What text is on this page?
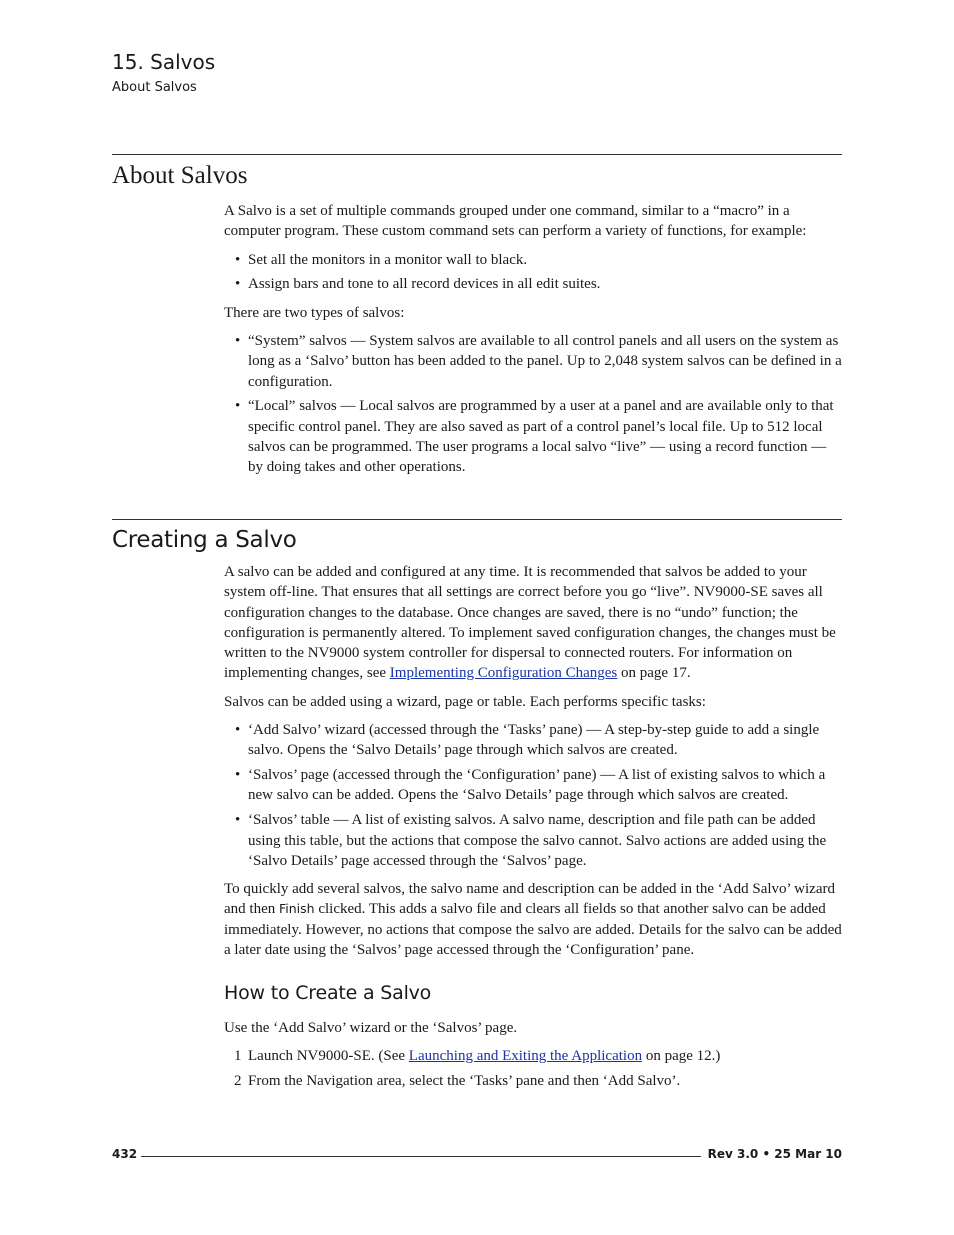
15. Salvos
About Salvos
About Salvos

A Salvo is a set of multiple commands grouped under one command, similar to a “macro” in a computer program. These custom command sets can perform a variety of functions, for example:

• Set all the monitors in a monitor wall to black.
• Assign bars and tone to all record devices in all edit suites.

There are two types of salvos:

• “System” salvos — System salvos are available to all control panels and all users on the system as long as a ‘Salvo’ button has been added to the panel. Up to 2,048 system salvos can be defined in a configuration.
• “Local” salvos — Local salvos are programmed by a user at a panel and are available only to that specific control panel. They are also saved as part of a control panel’s local file. Up to 512 local salvos can be programmed. The user programs a local salvo “live” — using a record function — by doing takes and other operations.
Creating a Salvo

A salvo can be added and configured at any time. It is recommended that salvos be added to your system off-line. That ensures that all settings are correct before you go “live”. NV9000-SE saves all configuration changes to the database. Once changes are saved, there is no “undo” function; the configuration is permanently altered. To implement saved configuration changes, the changes must be written to the NV9000 system controller for dispersal to connected routers. For information on implementing changes, see Implementing Configuration Changes on page 17.

Salvos can be added using a wizard, page or table. Each performs specific tasks:

• ‘Add Salvo’ wizard (accessed through the ‘Tasks’ pane) — A step-by-step guide to add a single salvo. Opens the ‘Salvo Details’ page through which salvos are created.
• ‘Salvos’ page (accessed through the ‘Configuration’ pane) — A list of existing salvos to which a new salvo can be added. Opens the ‘Salvo Details’ page through which salvos are created.
• ‘Salvos’ table — A list of existing salvos. A salvo name, description and file path can be added using this table, but the actions that compose the salvo cannot. Salvo actions are added using the ‘Salvo Details’ page accessed through the ‘Salvos’ page.

To quickly add several salvos, the salvo name and description can be added in the ‘Add Salvo’ wizard and then Finish clicked. This adds a salvo file and clears all fields so that another salvo can be added immediately. However, no actions that compose the salvo are added. Details for the salvo can be added a later date using the ‘Salvos’ page accessed through the ‘Configuration’ pane.

How to Create a Salvo

Use the ‘Add Salvo’ wizard or the ‘Salvos’ page.

1 Launch NV9000-SE. (See Launching and Exiting the Application on page 12.)
2 From the Navigation area, select the ‘Tasks’ pane and then ‘Add Salvo’.
432	Rev 3.0 • 25 Mar 10
